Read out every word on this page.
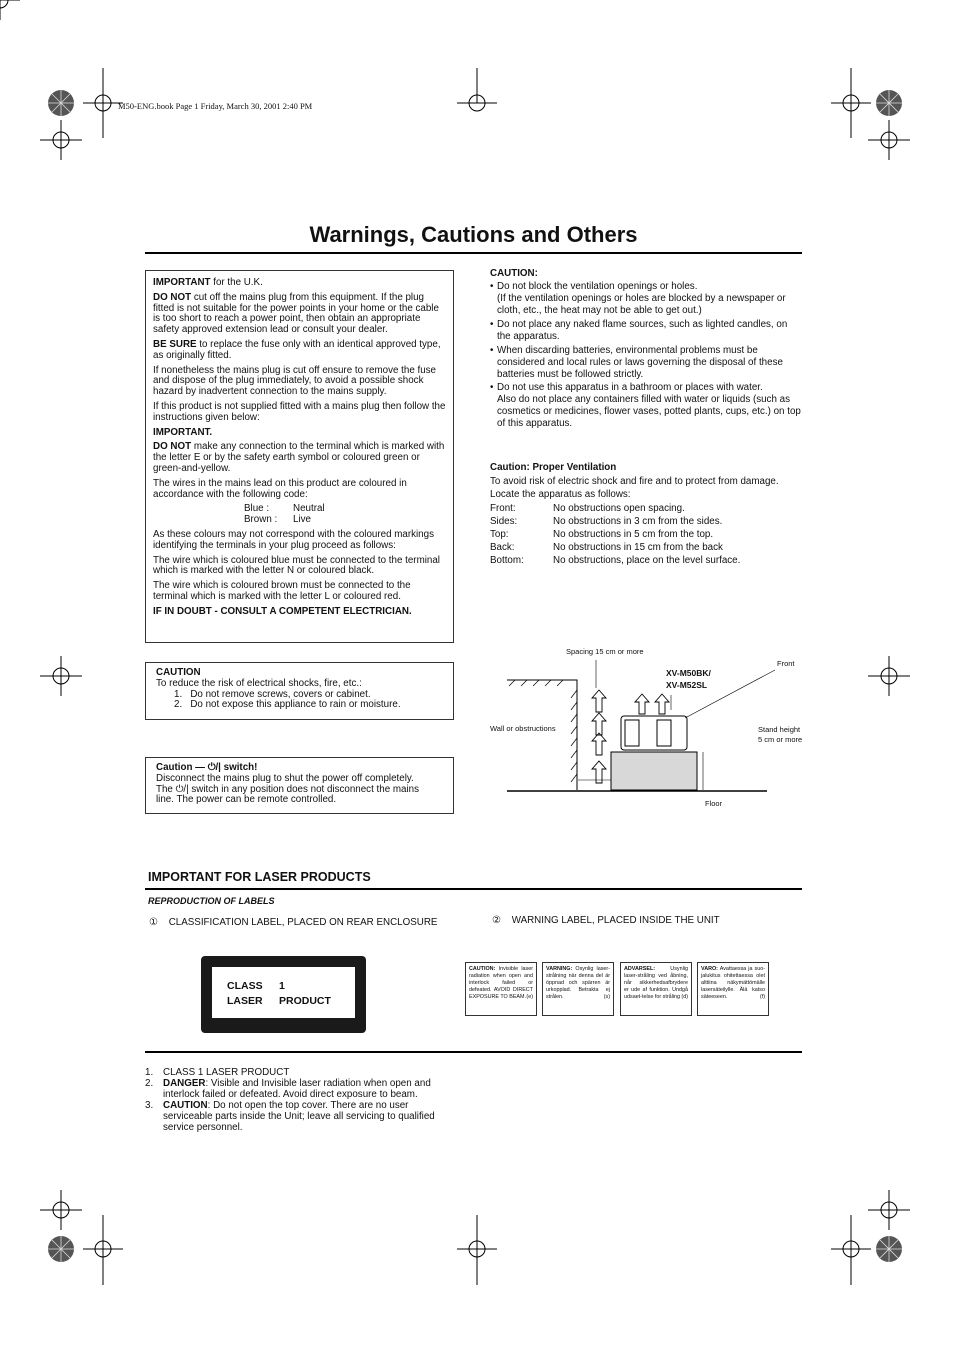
M50-ENG.book Page 1 Friday, March 30, 2001 2:40 PM
Warnings, Cautions and Others

IMPORTANT for the U.K.

DO NOT cut off the mains plug from this equipment. If the plug fitted is not suitable for the power points in your home or the cable is too short to reach a power point, then obtain an appropriate safety approved extension lead or consult your dealer.

BE SURE to replace the fuse only with an identical approved type, as originally fitted.

If nonetheless the mains plug is cut off ensure to remove the fuse and dispose of the plug immediately, to avoid a possible shock hazard by inadvertent connection to the mains supply.

If this product is not supplied fitted with a mains plug then follow the instructions given below:

IMPORTANT.

DO NOT make any connection to the terminal which is marked with the letter E or by the safety earth symbol or coloured green or green-and-yellow.

The wires in the mains lead on this product are coloured in accordance with the following code:

Blue :	Neutral
Brown :	Live

As these colours may not correspond with the coloured markings identifying the terminals in your plug proceed as follows:

The wire which is coloured blue must be connected to the terminal which is marked with the letter N or coloured black.

The wire which is coloured brown must be connected to the terminal which is marked with the letter L or coloured red.

IF IN DOUBT - CONSULT A COMPETENT ELECTRICIAN.

CAUTION

To reduce the risk of electrical shocks, fire, etc.:

1.   Do not remove screws, covers or cabinet.

2.   Do not expose this appliance to rain or moisture.

Caution — ⏻/| switch!

Disconnect the mains plug to shut the power off completely.

The ⏻/| switch in any position does not disconnect the mains

line. The power can be remote controlled.

CAUTION:

• Do not block the ventilation openings or holes.
(If the ventilation openings or holes are blocked by a newspaper or cloth, etc., the heat may not be able to get out.)
• Do not place any naked flame sources, such as lighted candles, on the apparatus.
• When discarding batteries, environmental problems must be considered and local rules or laws governing the disposal of these batteries must be followed strictly.
• Do not use this apparatus in a bathroom or places with water.
Also do not place any containers filled with water or liquids (such as cosmetics or medicines, flower vases, potted plants, cups, etc.) on top of this apparatus.

Caution: Proper Ventilation

To avoid risk of electric shock and fire and to protect from damage.

Locate the apparatus as follows:

Front:	No obstructions open spacing.
Sides:	No obstructions in 3 cm from the sides.
Top:	No obstructions in 5 cm from the top.
Back:	No obstructions in 15 cm from the back
Bottom:	No obstructions, place on the level surface.
Spacing 15 cm or more
XV-M50BK/
XV-M52SL
Front
Wall or obstructions	Stand height
5 cm or more
Floor
IMPORTANT FOR LASER PRODUCTS
REPRODUCTION OF LABELS
① CLASSIFICATION LABEL, PLACED ON REAR ENCLOSURE	② WARNING LABEL, PLACED INSIDE THE UNIT
CLASS	1
LASER	PRODUCT
CAUTION: Invisible laser radiation when open and interlock failed or defeated. AVOID DIRECT EXPOSURE TO BEAM. (e)
VARNING: Osynlig laser-strålning när denna del är öppnad och spärren är urkopplad. Betrakta ej strålen.	(s)
ADVARSEL: Usynlig laser-stråling ved åbning, når sikkerhedsafbrydere er ude af funktion. Undgå udsaet-telse for stråling (d)
VARO: Avattaessa ja suo-jalukitus ohitettaessa olet alttiina näkymättömälle lasersäteilylle. Älä katso säteeseen.	(f)
1.	CLASS 1 LASER PRODUCT
2.	DANGER: Visible and Invisible laser radiation when open and interlock failed or defeated. Avoid direct exposure to beam.
3.	CAUTION: Do not open the top cover. There are no user serviceable parts inside the Unit; leave all servicing to qualified service personnel.
